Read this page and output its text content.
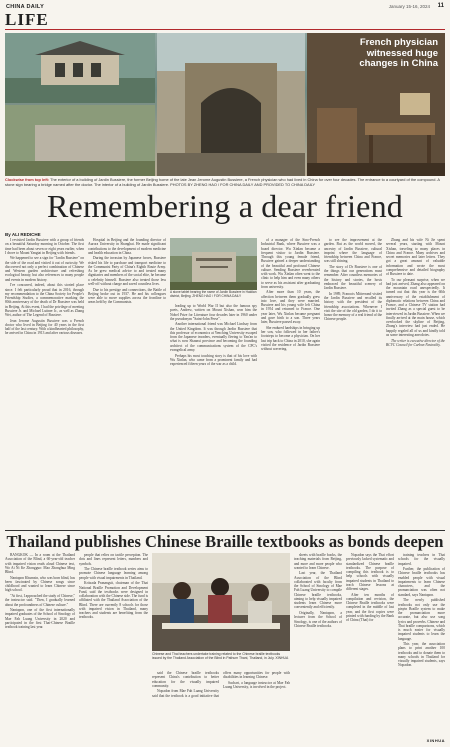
CHINA DAILY	January 15-16, 2024 11
LIFE
French physician witnessed huge changes in China
Clockwise from top left: The exterior of a building of Jardin Bussiere, the former Beijing home of the late Jean Jerome Augustin Bussiere, a French physician who had lived in China for over four decades. The entrance to a courtyard of the compound. A stone sign bearing a bridge named after the doctor. The interior of a building of Jardin Bussiere. PHOTOS BY ZHENG HAO / FOR CHINA DAILY AND PROVIDED TO CHINA DAILY
Remembering a dear friend
By ALI REDICHE

I revisited Jardin Bussiere with a group of friends on a beautiful Saturday morning in October. The first time had been about seven or eight years earlier, when I drove to Mount Yangtai in Beijing with friends.

We happened to see a sign for "Jardin Bussiere" on the side of the road and visited it out of curiosity. We discovered not only a perfect combination of Chinese and Western garden architecture and refreshing ecological beauty, but also references to many people and events in modern history.

I've concurred, indeed, about this storied place since. I felt particularly proud that in 2016, through my recommendation to the China Society for People's Friendship Studies, a commemorative marking the 80th anniversary of the death of Dr Bussiere was held in Beijing. At this event, I had the privilege of meeting Bussiere Jr. and Michael Luttner Jr., as well as Zhang Wei, author of The Legend of Bussiere.

Jean Jerome Augustin Bussiere was a French doctor who lived in Beijing for 40 years in the first half of the last century. With a kindhearted philosophy, he arrived in China in 1913 and after various diseases.

Hospital in Beijing and the founding director of Aurora University in Shanghai. He made significant contributions to the development of modern medicine and health education in China.

During the invasion by Japanese forces, Bussiere risked his life to purchase and transport medicine to the Communist Party of China's Eighth Route Army. As he grew medical advice to and treated many dignitaries and members of the social elite, he became a celebrity himself. Bussiere also treated those less well-off without charge and saved countless lives.

Due to his prestige and connections, the Battle of Beijing broke out in 1937. He and his colleagues were able to move supplies across the frontline to areas held by the Communists.

A stone tablet bearing the name of Jardin Bussiere in Haidian district, Beijing. ZHENG HAO / FOR CHINA DAILY

leading up to World War II but also the famous spy poets, Andrew, written on Mount Xishan, won him the Nobel Prize for Literature four decades later in 1960 under the pseudonym "Saint-John Perse".

Another international friend was Michael Lindsay from the United Kingdom. It was through Jardin Bussiere that this professor of economics at Yenching University escaped from the Japanese invaders, eventually fleeing to Yan'an to what is now Shaanxi province and becoming the founding architect of the communications system of the CPC's evangelical army.

Perhaps his most touching story is that of his love with Wu Xinlan, who came from a prominent family and had experienced fifteen years of the war as a child.

of a manager of the Sino-French Industrial Bank, where Bussiere was a board director. Wu Xinlan became a frequent visitor to Jardin Bussiere. Through this young female friend, Bussiere gained a deeper understanding of the beautiful and profound Chinese culture. Sending Bussiere reverberated with work. Wu Xinlan often went to the clinic to help him and even many others to serve as his assistant after graduating from university.

After more than 10 years, the affection between them gradually grew into love, and they were married. Bussiere and his young wife left China in 1954 and returned to France. One year later, Wu Xinlan became pregnant and gave birth to a son. Three years later, Bussiere passed away.

She endured hardships in bringing up her son, who followed in her father's footsteps to become a physician. On her last trip back to China in 2010, she again visited the residence of Jardin Bussiere without wavering.

to see the improvement at the garden. But as the world moved, the ancestry of Jardin Bussiere, cultural imprint where the language of friendship between China and France, was still shining.

The story of Dr Bussiere is one of the things that our generations must remember. After countless memories of the history and stories, the hosts embraced the beautiful scenery of Jardin Bussiere.

In 1989, Francois Mitterrand visited the Jardin Bussiere and recalled its history with the president of the friendship associations. Whenever I visit the site of the old garden, I do it to honor the memory of a real friend of the Chinese people.

Zhang and his wife Ni Jie spent several years, starting with Mount Xishan, traveling to many places in China and France. Many archives and secret memories and later letters. They got a great amount of valuable information and wrote the most comprehensive and detailed biography of Bussiere to date.

To our pleasant surprise, when we had just arrived, Zhang also appeared on the mountain road unexpectedly. It turned out that this year is the 60th anniversary of the establishment of diplomatic relations between China and France, and a Chinese TV station had invited Zhang as a special guest to be interviewed in Jardin Bussiere. When we finally arrived at the main house, which overlooked the skyline of Beijing, Zhang's interview had just ended. He happily regaled all of us and kindly told us some interesting anecdotes.

The writer is executive director of the BCVC Council for Carbon Neutrality.

Thailand publishes Chinese Braille textbooks as bonds deepen

BANGKOK — In a room at the Thailand Association of the Blind, a 60-year-old teacher with impaired vision reads aloud Chinese text, Wo Ai Ni Ke Zhongguo: Mao Zhonghua Ming Blind.

Nantapon Khumsin, who was born blind, has been fascinated by Chinese songs since childhood and wanted to learn Chinese since high school.

"At first, I approached the study of Chinese," the instructor said. "Then, I gradually learned about the profoundness of Chinese culture."

Nantapon, one of the first internationally impaired graduates of the School of Sinology of Mae Fah Luang University in 2020 and participated in the first Thai-Chinese Braille textbook training last year.

people that relies on tactile perception. The dots and lines represent letters, numbers and symbols.

The Chinese braille textbook series aims to promote Chinese language learning among people with visual impairments in Thailand.

Kritsada Pranangsit, chairman of the Thai National Braille Promotion and Development Fund, said the textbooks were designed in collaboration with the Chinese side. The fund is affiliated with the Thailand Association of the Blind. There are currently 8 schools for those with impaired vision in Thailand, many teachers and students are benefiting from the textbooks.

Chinese and Thai teachers undertake training related to the Chinese braille textbooks issued by the Thailand Association of the Blind in Pathum Thani, Thailand, in July. XINHUA

said the Chinese braille textbooks represent China's contribution to better education for the visually impaired community.

Nopadon from Mae Fah Luang University said that the textbook is a good initiative that offers many opportunities for people with disabilities in learning Chinese.

Suchart, a language instructor at Mae Fah Luang University, is involved in the project.

sheets with braille books, the teaching materials from Beijing, and more and more people who wanted to learn Chinese.

Last year, the Thailand Association of the Blind collaborated with faculty from the School of Sinology of Mae Fah Luang University to compile Chinese braille textbooks, aiming to help visually impaired students learn Chinese more conveniently and efficiently.

Originally, Nantapon, a lecturer from the School of Sinology, is one of the authors of Chinese Braille textbooks.

Nopadon says the Thai effort previously lacked systematic and standardized Chinese braille textbooks. The purpose of compiling this textbook is to help schools with visually impaired students in Thailand to teach Chinese lessons at different stages.

After ten months of compilation and revision, the Chinese Braille textbooks were completed in the middle of last year, and the first copies were printed with funding by the Bank of China (Thai) for

training teachers in Thai schools for the visually impaired.

Further, the publication of Chinese braille textbooks has enabled people with visual impairments to learn Chinese characters, and the pronunciation was often not standard, says Nantapon.

The newly published textbooks not only use the pinyin Braille system to make the pronunciation more accurate, but also use song lyrics and proverbs. Chinese and Thai braille comparisons, which is much easier for visually impaired students to learn the language.

This year, the association plans to print another 100 textbooks and to donate them to many schools in Thailand for visually impaired students, says Nopadon.

XINHUA
